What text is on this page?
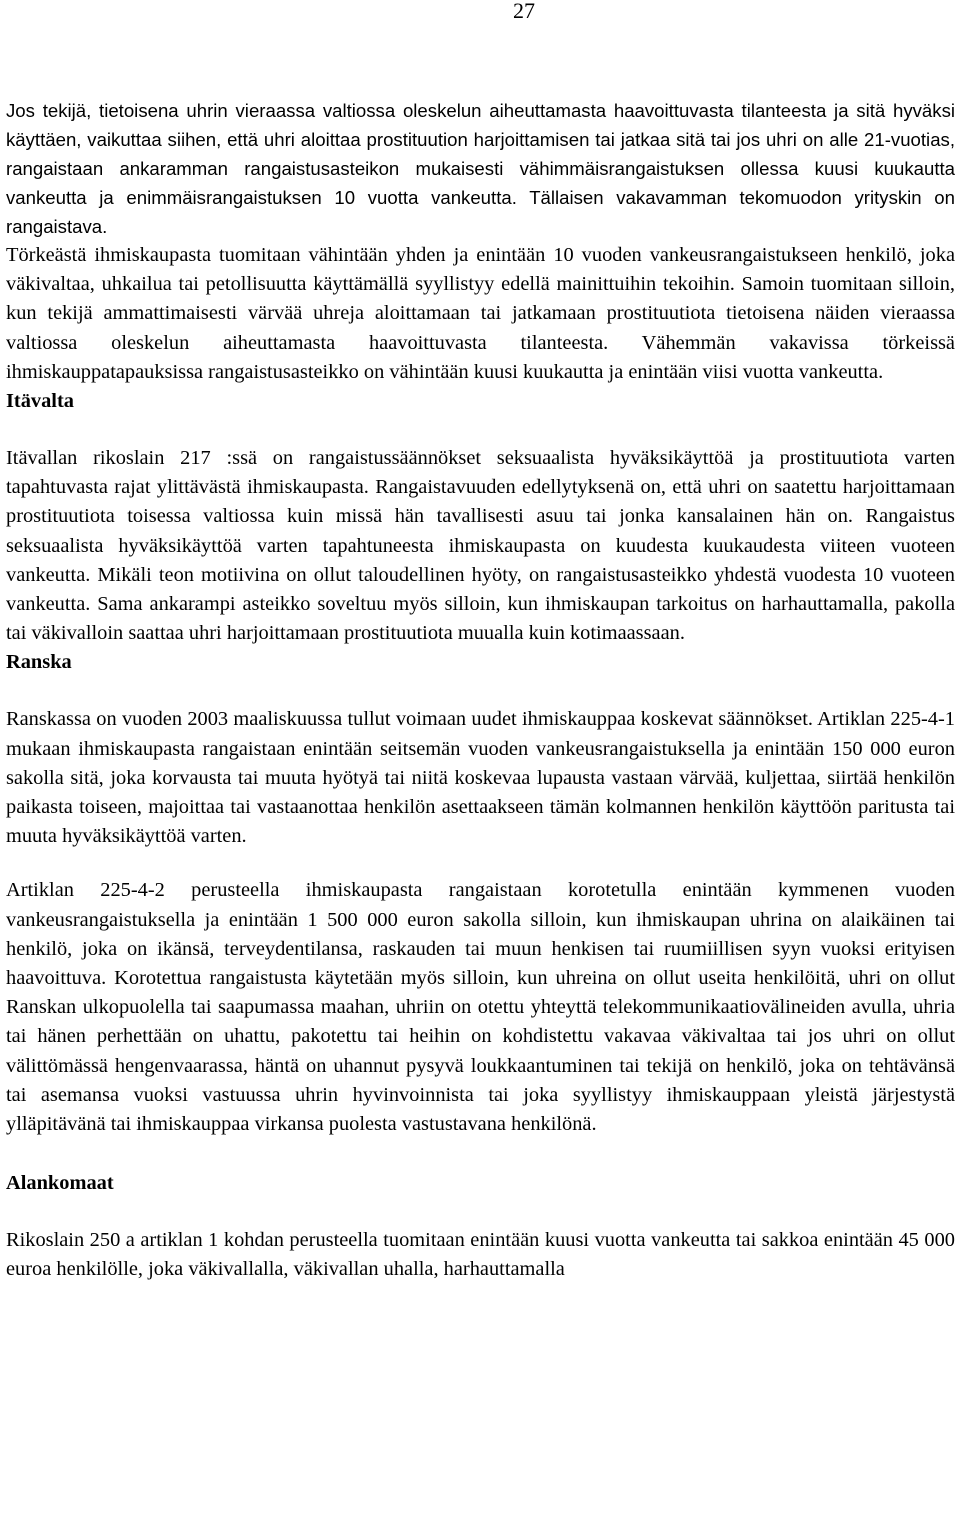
27

Jos tekijä, tietoisena uhrin vieraassa valtiossa oleskelun aiheuttamasta haavoittuvasta tilanteesta ja sitä hyväksi käyttäen, vaikuttaa siihen, että uhri aloittaa prostituution harjoittamisen tai jatkaa sitä tai jos uhri on alle 21-vuotias, rangaistaan ankaramman rangaistusasteikon mukaisesti vähimmäisrangaistuksen ollessa kuusi kuukautta vankeutta ja enimmäisrangaistuksen 10 vuotta vankeutta. Tällaisen vakavamman tekomuodon yrityskin on rangaistava.

Törkeästä ihmiskaupasta tuomitaan vähintään yhden ja enintään 10 vuoden vankeusrangaistukseen henkilö, joka väkivaltaa, uhkailua tai petollisuutta käyttämällä syyllistyy edellä mainittuihin tekoihin. Samoin tuomitaan silloin, kun tekijä ammattimaisesti värvää uhreja aloittamaan tai jatkamaan prostituutiota tietoisena näiden vieraassa valtiossa oleskelun aiheuttamasta haavoittuvasta tilanteesta. Vähemmän vakavissa törkeissä ihmiskauppatapauksissa rangaistusasteikko on vähintään kuusi kuukautta ja enintään viisi vuotta vankeutta.

Itävalta

Itävallan rikoslain 217 :ssä on rangaistussäännökset seksuaalista hyväksikäyttöä ja prostituutiota varten tapahtuvasta rajat ylittävästä ihmiskaupasta. Rangaistavuuden edellytyksenä on, että uhri on saatettu harjoittamaan prostituutiota toisessa valtiossa kuin missä hän tavallisesti asuu tai jonka kansalainen hän on. Rangaistus seksuaalista hyväksikäyttöä varten tapahtuneesta ihmiskaupasta on kuudesta kuukaudesta viiteen vuoteen vankeutta. Mikäli teon motiivina on ollut taloudellinen hyöty, on rangaistusasteikko yhdestä vuodesta 10 vuoteen vankeutta. Sama ankarampi asteikko soveltuu myös silloin, kun ihmiskaupan tarkoitus on harhauttamalla, pakolla tai väkivalloin saattaa uhri harjoittamaan prostituutiota muualla kuin kotimaassaan.

Ranska

Ranskassa on vuoden 2003 maaliskuussa tullut voimaan uudet ihmiskauppaa koskevat säännökset. Artiklan 225-4-1 mukaan ihmiskaupasta rangaistaan enintään seitsemän vuoden vankeusrangaistuksella ja enintään 150 000 euron sakolla sitä, joka korvausta tai muuta hyötyä tai niitä koskevaa lupausta vastaan värvää, kuljettaa, siirtää henkilön paikasta toiseen, majoittaa tai vastaanottaa henkilön asettaakseen tämän kolmannen henkilön käyttöön paritusta tai muuta hyväksikäyttöä varten.

Artiklan 225-4-2 perusteella ihmiskaupasta rangaistaan korotetulla enintään kymmenen vuoden vankeusrangaistuksella ja enintään 1 500 000 euron sakolla silloin, kun ihmiskaupan uhrina on alaikäinen tai henkilö, joka on ikänsä, terveydentilansa, raskauden tai muun henkisen tai ruumiillisen syyn vuoksi erityisen haavoittuva. Korotettua rangaistusta käytetään myös silloin, kun uhreina on ollut useita henkilöitä, uhri on ollut Ranskan ulkopuolella tai saapumassa maahan, uhriin on otettu yhteyttä telekommunikaatiovälineiden avulla, uhria tai hänen perhettään on uhattu, pakotettu tai heihin on kohdistettu vakavaa väkivaltaa tai jos uhri on ollut välittömässä hengenvaarassa, häntä on uhannut pysyvä loukkaantuminen tai tekijä on henkilö, joka on tehtävänsä tai asemansa vuoksi vastuussa uhrin hyvinvoinnista tai joka syyllistyy ihmiskauppaan yleistä järjestystä ylläpitävänä tai ihmiskauppaa virkansa puolesta vastustavana henkilönä.

Alankomaat

Rikoslain 250 a artiklan 1 kohdan perusteella tuomitaan enintään kuusi vuotta vankeutta tai sakkoa enintään 45 000 euroa henkilölle, joka väkivallalla, väkivallan uhalla, harhauttamalla
